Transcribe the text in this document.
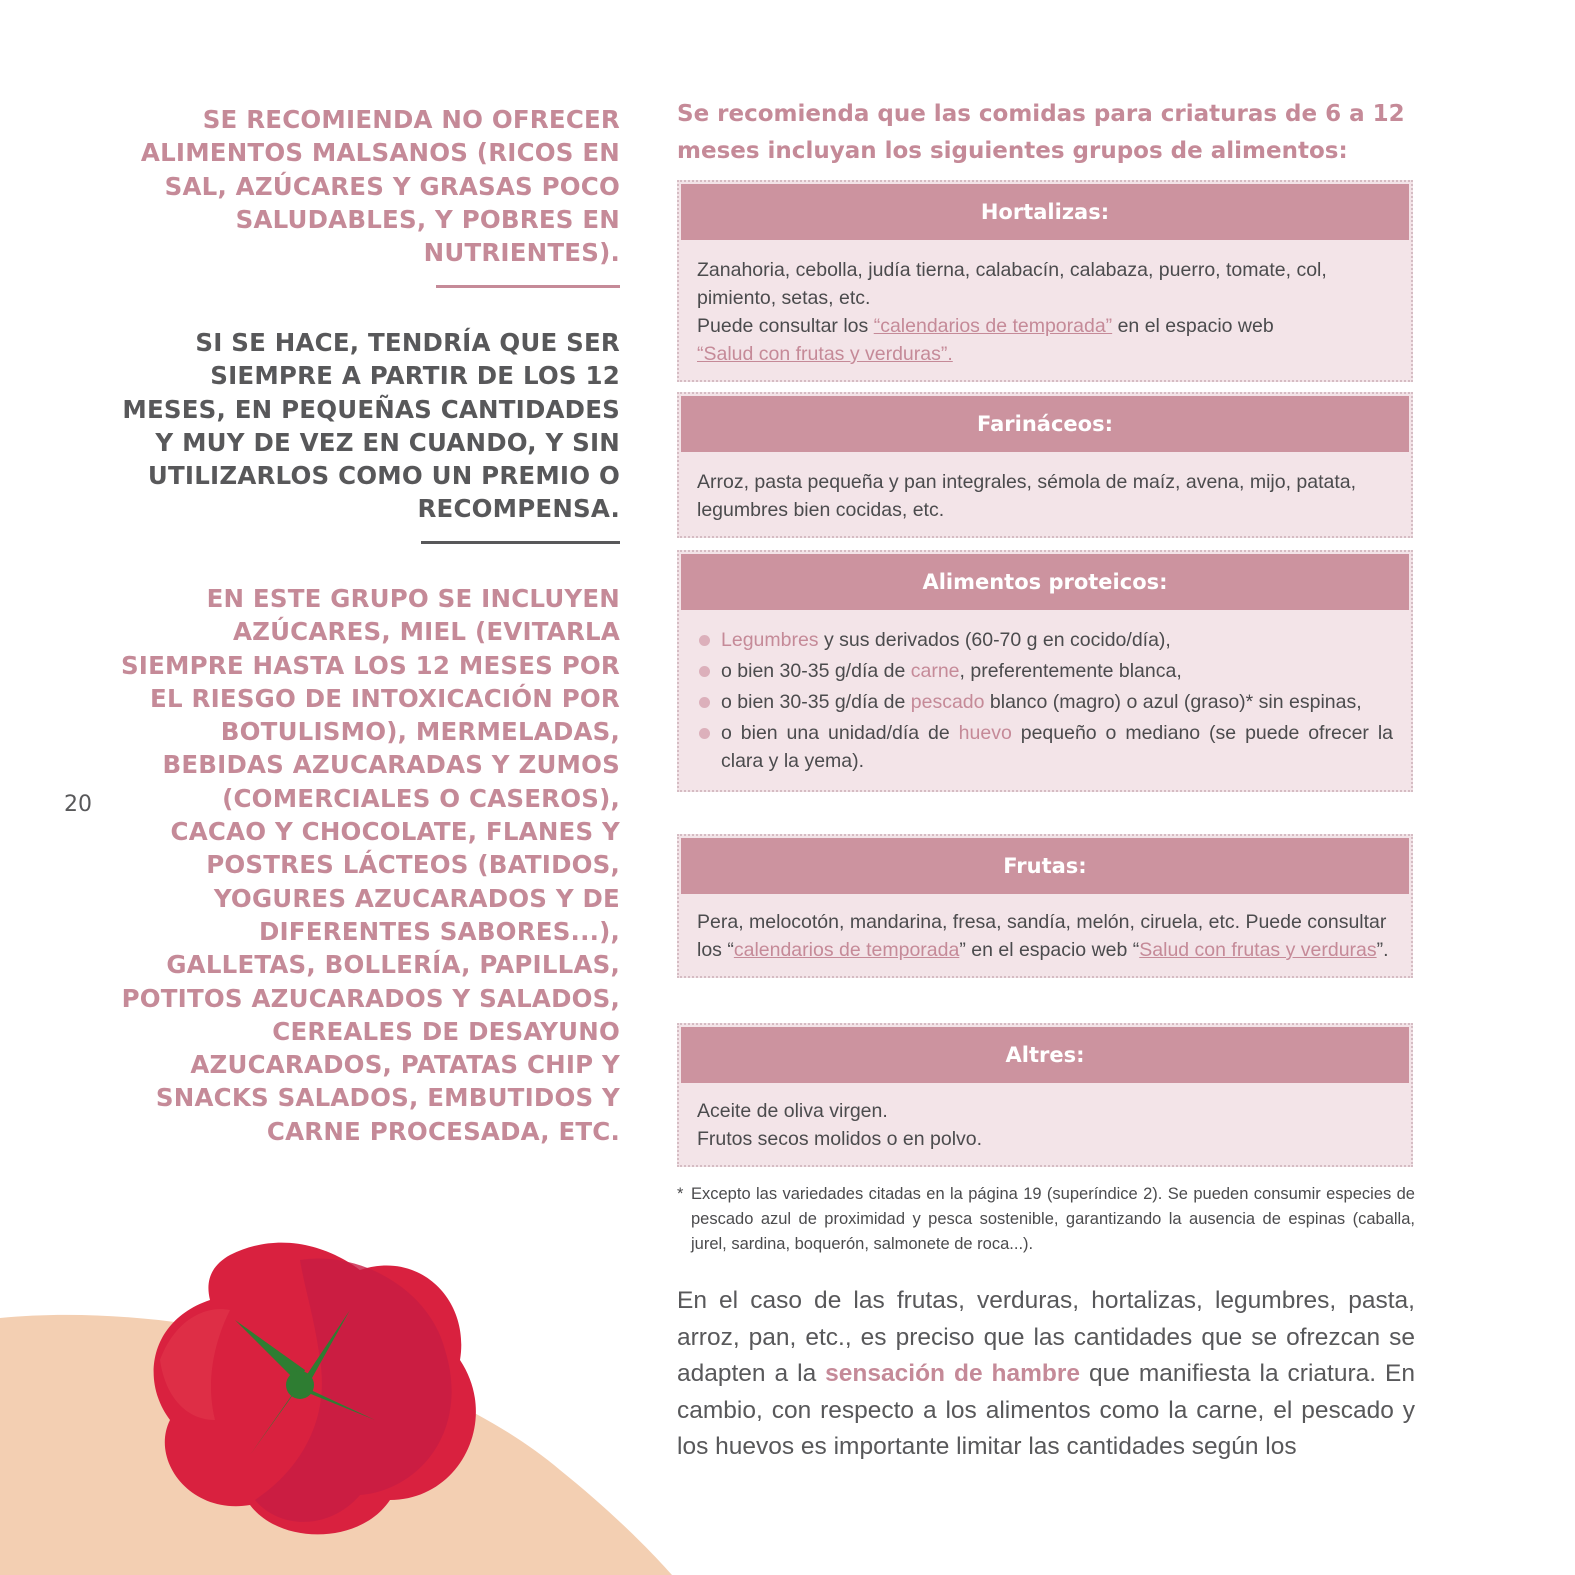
SE RECOMIENDA NO OFRECER ALIMENTOS MALSANOS (RICOS EN SAL, AZÚCARES Y GRASAS POCO SALUDABLES, Y POBRES EN NUTRIENTES).

SI SE HACE, TENDRÍA QUE SER SIEMPRE A PARTIR DE LOS 12 MESES, EN PEQUEÑAS CANTIDADES Y MUY DE VEZ EN CUANDO, Y SIN UTILIZARLOS COMO UN PREMIO O RECOMPENSA.

EN ESTE GRUPO SE INCLUYEN AZÚCARES, MIEL (EVITARLA SIEMPRE HASTA LOS 12 MESES POR EL RIESGO DE INTOXICACIÓN POR BOTULISMO), MERMELADAS, BEBIDAS AZUCARADAS Y ZUMOS (COMERCIALES O CASEROS), CACAO Y CHOCOLATE, FLANES Y POSTRES LÁCTEOS (BATIDOS, YOGURES AZUCARADOS Y DE DIFERENTES SABORES...), GALLETAS, BOLLERÍA, PAPILLAS, POTITOS AZUCARADOS Y SALADOS, CEREALES DE DESAYUNO AZUCARADOS, PATATAS CHIP Y SNACKS SALADOS, EMBUTIDOS Y CARNE PROCESADA, ETC.

20
Se recomienda que las comidas para criaturas de 6 a 12 meses incluyan los siguientes grupos de alimentos:
Hortalizas:

Zanahoria, cebolla, judía tierna, calabacín, calabaza, puerro, tomate, col, pimiento, setas, etc.

Puede consultar los “calendarios de temporada” en el espacio web
“Salud con frutas y verduras”.

Farináceos:

Arroz, pasta pequeña y pan integrales, sémola de maíz, avena, mijo, patata, legumbres bien cocidas, etc.

Alimentos proteicos:
Legumbres y sus derivados (60-70 g en cocido/día),
o bien 30-35 g/día de carne, preferentemente blanca,
o bien 30-35 g/día de pescado blanco (magro) o azul (graso)* sin espinas,
o bien una unidad/día de huevo pequeño o mediano (se puede ofrecer la clara y la yema).
Frutas:

Pera, melocotón, mandarina, fresa, sandía, melón, ciruela, etc. Puede consultar los “calendarios de temporada” en el espacio web “Salud con frutas y verduras”.

Altres:

Aceite de oliva virgen.

Frutos secos molidos o en polvo.

* Excepto las variedades citadas en la página 19 (superíndice 2). Se pueden consumir especies de pescado azul de proximidad y pesca sostenible, garantizando la ausencia de espinas (caballa, jurel, sardina, boquerón, salmonete de roca...).
En el caso de las frutas, verduras, hortalizas, legumbres, pasta, arroz, pan, etc., es preciso que las cantidades que se ofrezcan se adapten a la sensación de hambre que manifiesta la criatura. En cambio, con respecto a los alimentos como la carne, el pescado y los huevos es importante limitar las cantidades según los
